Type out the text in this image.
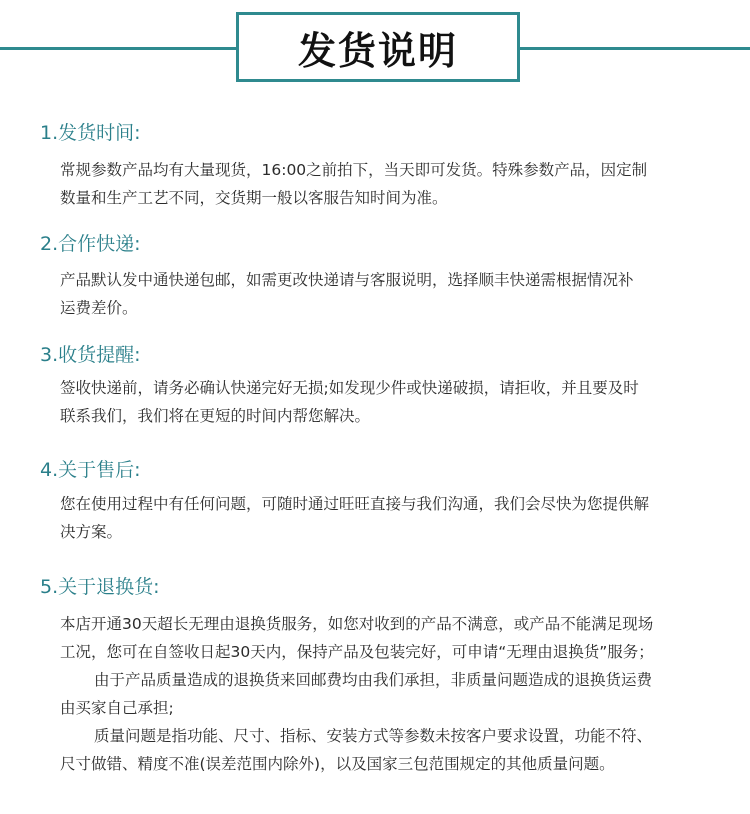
发货说明
1.发货时间:
常规参数产品均有大量现货，16:00之前拍下，当天即可发货。特殊参数产品，因定制
数量和生产工艺不同，交货期一般以客服告知时间为准。
2.合作快递:
产品默认发中通快递包邮，如需更改快递请与客服说明，选择顺丰快递需根据情况补
运费差价。
3.收货提醒:
签收快递前，请务必确认快递完好无损;如发现少件或快递破损，请拒收，并且要及时
联系我们，我们将在更短的时间内帮您解决。
4.关于售后:
您在使用过程中有任何问题，可随时通过旺旺直接与我们沟通，我们会尽快为您提供解
决方案。
5.关于退换货:
本店开通30天超长无理由退换货服务，如您对收到的产品不满意，或产品不能满足现场
工况，您可在自签收日起30天内，保持产品及包装完好，可申请“无理由退换货”服务；
由于产品质量造成的退换货来回邮费均由我们承担，非质量问题造成的退换货运费
由买家自己承担;
质量问题是指功能、尺寸、指标、安装方式等参数未按客户要求设置，功能不符、
尺寸做错、精度不准(误差范围内除外)，以及国家三包范围规定的其他质量问题。
